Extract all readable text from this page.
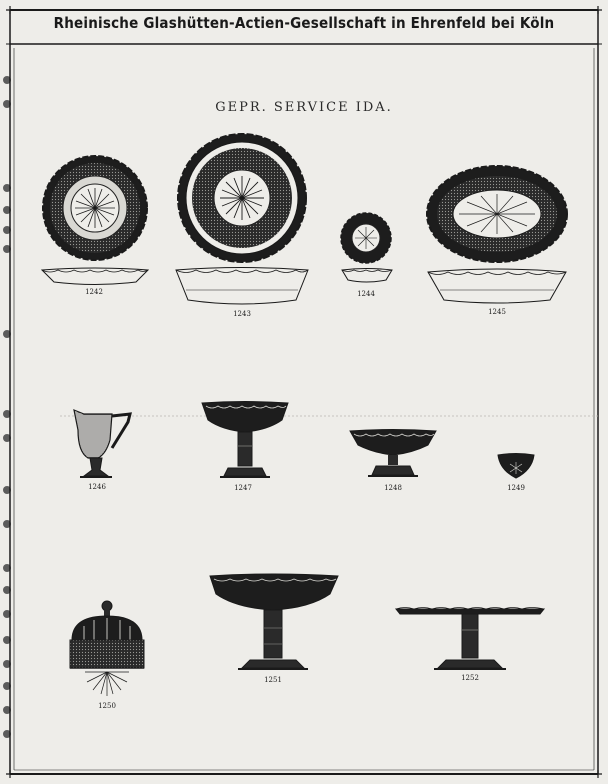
Rheinische Glashütten-Actien-Gesellschaft in Ehrenfeld bei Köln
GEPR. SERVICE IDA.
1242
1243
1244
1245
1246	1247	1248	1249
1250
1251	1252
